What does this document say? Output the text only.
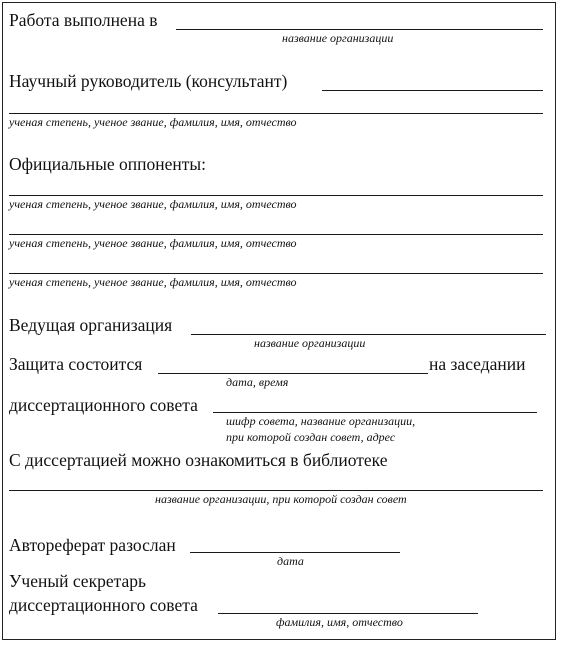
Работа выполнена в
название организации
Научный руководитель (консультант)
ученая степень, ученое звание, фамилия, имя, отчество
Официальные оппоненты:
ученая степень, ученое звание, фамилия, имя, отчество
ученая степень, ученое звание, фамилия, имя, отчество
ученая степень, ученое звание, фамилия, имя, отчество
Ведущая организация
название организации
Защита состоится	на заседании
дата, время
диссертационного совета
шифр совета, название организации,
при которой создан совет, адрес
С диссертацией можно ознакомиться в библиотеке
название организации, при которой создан совет
Автореферат разослан
дата
Ученый секретарь
диссертационного совета
фамилия, имя, отчество
